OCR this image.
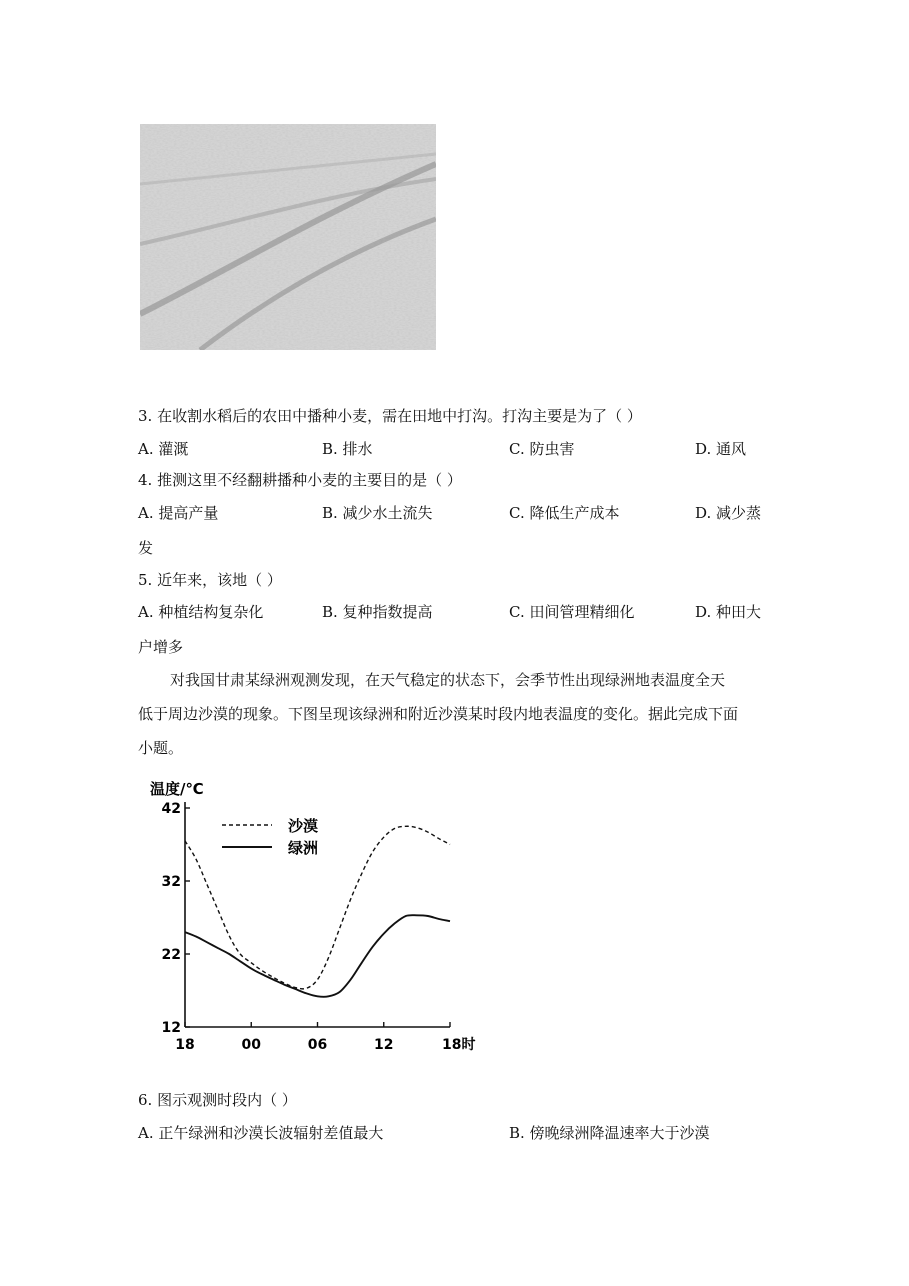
3. 在收割水稻后的农田中播种小麦，需在田地中打沟。打沟主要是为了（ ）
A. 灌溉	B. 排水	C. 防虫害	D. 通风
4. 推测这里不经翻耕播种小麦的主要目的是（ ）
A. 提高产量	B. 减少水土流失	C. 降低生产成本	D. 减少蒸
发
5. 近年来，该地（ ）
A. 种植结构复杂化	B. 复种指数提高	C. 田间管理精细化	D. 种田大
户增多
对我国甘肃某绿洲观测发现，在天气稳定的状态下，会季节性出现绿洲地表温度全天
低于周边沙漠的现象。下图呈现该绿洲和附近沙漠某时段内地表温度的变化。据此完成下面
小题。
温度/℃
12
22
32
42
18	00	06	12	18时
沙漠
绿洲
6. 图示观测时段内（ ）
A. 正午绿洲和沙漠长波辐射差值最大	B. 傍晚绿洲降温速率大于沙漠
